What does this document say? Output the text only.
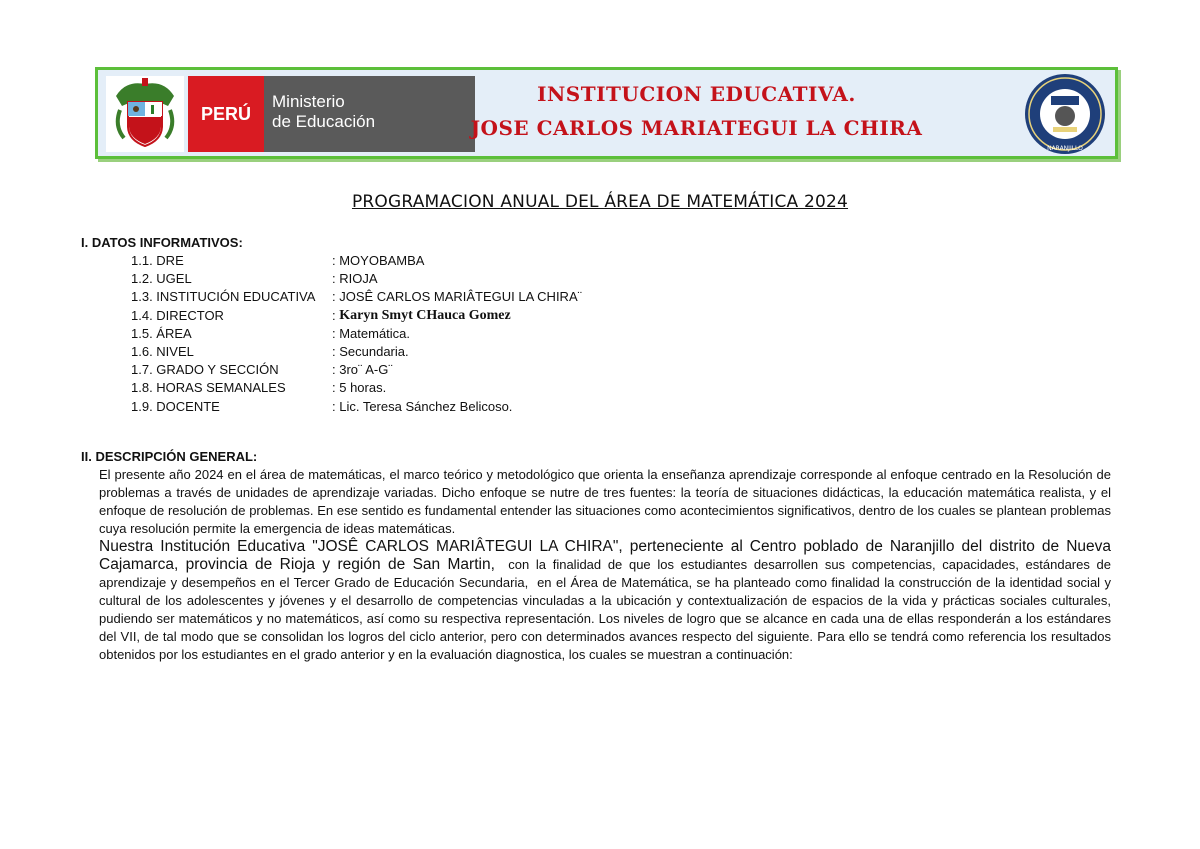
PERÚ
Ministerio
de Educación
INSTITUCION EDUCATIVA.
JOSE CARLOS MARIATEGUI LA CHIRA
NARANJILLO
PROGRAMACION ANUAL DEL ÁREA DE MATEMÁTICA 2024
I. DATOS INFORMATIVOS:
1.1. DRE	: MOYOBAMBA
1.2. UGEL	: RIOJA
1.3. INSTITUCIÓN EDUCATIVA	: JOSÊ CARLOS MARIÂTEGUI LA CHIRA¨
1.4. DIRECTOR	: Karyn Smyt CHauca Gomez
1.5. ÁREA	: Matemática.
1.6. NIVEL	: Secundaria.
1.7. GRADO Y SECCIÓN	: 3ro¨ A-G¨
1.8. HORAS SEMANALES	: 5 horas.
1.9. DOCENTE	: Lic. Teresa Sánchez Belicoso.
II. DESCRIPCIÓN GENERAL:

El presente año 2024 en el área de matemáticas, el marco teórico y metodológico que orienta la enseñanza aprendizaje corresponde al enfoque centrado en la Resolución de problemas a través de unidades de aprendizaje variadas. Dicho enfoque se nutre de tres fuentes: la teoría de situaciones didácticas, la educación matemática realista, y el enfoque de resolución de problemas. En ese sentido es fundamental entender las situaciones como acontecimientos significativos, dentro de los cuales se plantean problemas cuya resolución permite la emergencia de ideas matemáticas.

Nuestra Institución Educativa "JOSÊ CARLOS MARIÂTEGUI LA CHIRA", perteneciente al Centro poblado de Naranjillo del distrito de Nueva Cajamarca, provincia de Rioja y región de San Martin,  con la finalidad de que los estudiantes desarrollen sus competencias, capacidades, estándares de aprendizaje y desempeños en el Tercer Grado de Educación Secundaria,  en el Área de Matemática, se ha planteado como finalidad la construcción de la identidad social y cultural de los adolescentes y jóvenes y el desarrollo de competencias vinculadas a la ubicación y contextualización de espacios de la vida y prácticas sociales culturales, pudiendo ser matemáticos y no matemáticos, así como su respectiva representación. Los niveles de logro que se alcance en cada una de ellas responderán a los estándares del VII, de tal modo que se consolidan los logros del ciclo anterior, pero con determinados avances respecto del siguiente. Para ello se tendrá como referencia los resultados obtenidos por los estudiantes en el grado anterior y en la evaluación diagnostica, los cuales se muestran a continuación:
